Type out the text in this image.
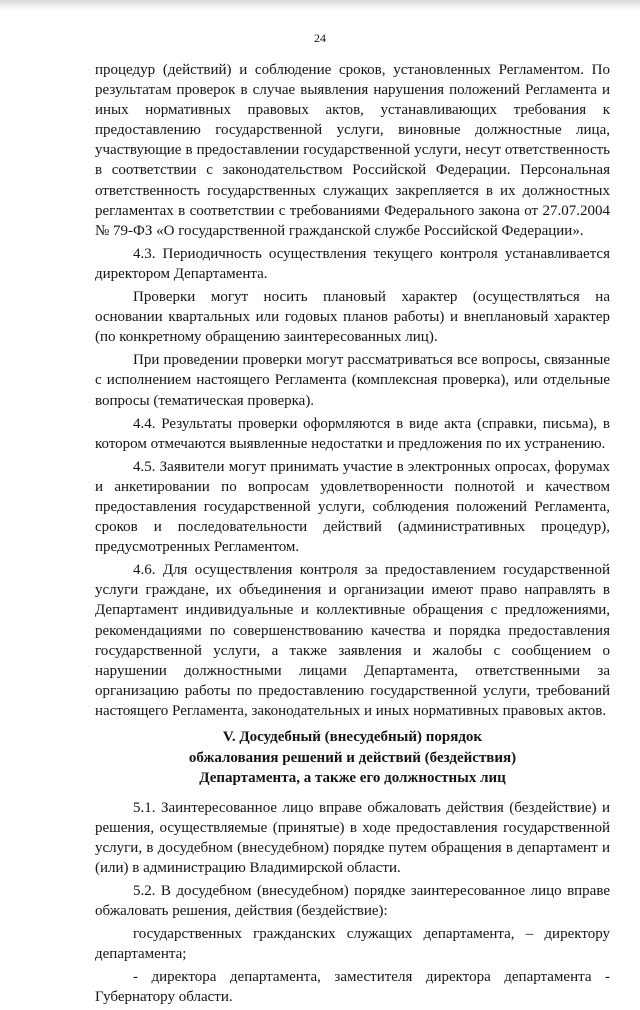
24

процедур (действий) и соблюдение сроков, установленных Регламентом. По результатам проверок в случае выявления нарушения положений Регламента и иных нормативных правовых актов, устанавливающих требования к предоставлению государственной услуги, виновные должностные лица, участвующие в предоставлении государственной услуги, несут ответственность в соответствии с законодательством Российской Федерации. Персональная ответственность государственных служащих закрепляется в их должностных регламентах в соответствии с требованиями Федерального закона от 27.07.2004 № 79-ФЗ «О государственной гражданской службе Российской Федерации».

4.3. Периодичность осуществления текущего контроля устанавливается директором Департамента.

Проверки могут носить плановый характер (осуществляться на основании квартальных или годовых планов работы) и внеплановый характер (по конкретному обращению заинтересованных лиц).

При проведении проверки могут рассматриваться все вопросы, связанные с исполнением настоящего Регламента (комплексная проверка), или отдельные вопросы (тематическая проверка).

4.4. Результаты проверки оформляются в виде акта (справки, письма), в котором отмечаются выявленные недостатки и предложения по их устранению.

4.5. Заявители могут принимать участие в электронных опросах, форумах и анкетировании по вопросам удовлетворенности полнотой и качеством предоставления государственной услуги, соблюдения положений Регламента, сроков и последовательности действий (административных процедур), предусмотренных Регламентом.

4.6. Для осуществления контроля за предоставлением государственной услуги граждане, их объединения и организации имеют право направлять в Департамент индивидуальные и коллективные обращения с предложениями, рекомендациями по совершенствованию качества и порядка предоставления государственной услуги, а также заявления и жалобы с сообщением о нарушении должностными лицами Департамента, ответственными за организацию работы по предоставлению государственной услуги, требований настоящего Регламента, законодательных и иных нормативных правовых актов.

V. Досудебный (внесудебный) порядок
обжалования решений и действий (бездействия)
Департамента, а также его должностных лиц

5.1. Заинтересованное лицо вправе обжаловать действия (бездействие) и решения, осуществляемые (принятые) в ходе предоставления государственной услуги, в досудебном (внесудебном) порядке путем обращения в департамент и (или) в администрацию Владимирской области.

5.2. В досудебном (внесудебном) порядке заинтересованное лицо вправе обжаловать решения, действия (бездействие):

государственных гражданских служащих департамента, – директору департамента;

- директора департамента, заместителя директора департамента - Губернатору области.
